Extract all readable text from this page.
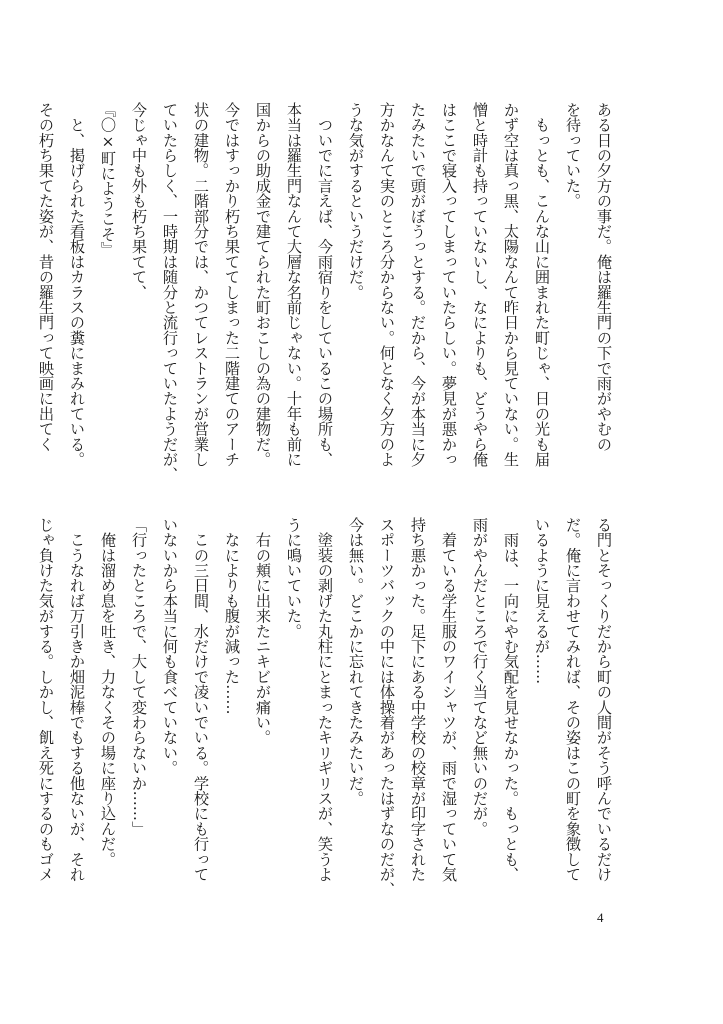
ある日の夕方の事だ。俺は羅生門の下で雨がやむの
を待っていた。
　もっとも、こんな山に囲まれた町じゃ、日の光も届
かず空は真っ黒、太陽なんて昨日から見ていない。生
憎と時計も持っていないし、なによりも、どうやら俺
はここで寝入ってしまっていたらしい。夢見が悪かっ
たみたいで頭がぼうっとする。だから、今が本当に夕
方かなんて実のところ分からない。何となく夕方のよ
うな気がするというだけだ。
　ついでに言えば、今雨宿りをしているこの場所も、
本当は羅生門なんて大層な名前じゃない。十年も前に
国からの助成金で建てられた町おこしの為の建物だ。
今ではすっかり朽ち果ててしまった二階建てのアーチ
状の建物。二階部分では、かつてレストランが営業し
ていたらしく、一時期は随分と流行っていたようだが、
今じゃ中も外も朽ち果てて、
『〇×町にようこそ』
　と、掲げられた看板はカラスの糞にまみれている。
その朽ち果てた姿が、昔の羅生門って映画に出てく
る門とそっくりだから町の人間がそう呼んでいるだけ
だ。俺に言わせてみれば、その姿はこの町を象徴して
いるように見えるが……
　雨は、一向にやむ気配を見せなかった。もっとも、
雨がやんだところで行く当てなど無いのだが。
　着ている学生服のワイシャツが、雨で湿っていて気
持ち悪かった。足下にある中学校の校章が印字された
スポーツバックの中には体操着があったはずなのだが、
今は無い。どこかに忘れてきたみたいだ。
　塗装の剥げた丸柱にとまったキリギリスが、笑うよ
うに鳴いていた。
　右の頬に出来たニキビが痛い。
　なによりも腹が減った……
　この三日間、水だけで凌いでいる。学校にも行って
いないから本当に何も食べていない。
「行ったところで、大して変わらないか……」
　俺は溜め息を吐き、力なくその場に座り込んだ。
　こうなれば万引きか畑泥棒でもする他ないが、それ
じゃ負けた気がする。しかし、飢え死にするのもゴメ
4
